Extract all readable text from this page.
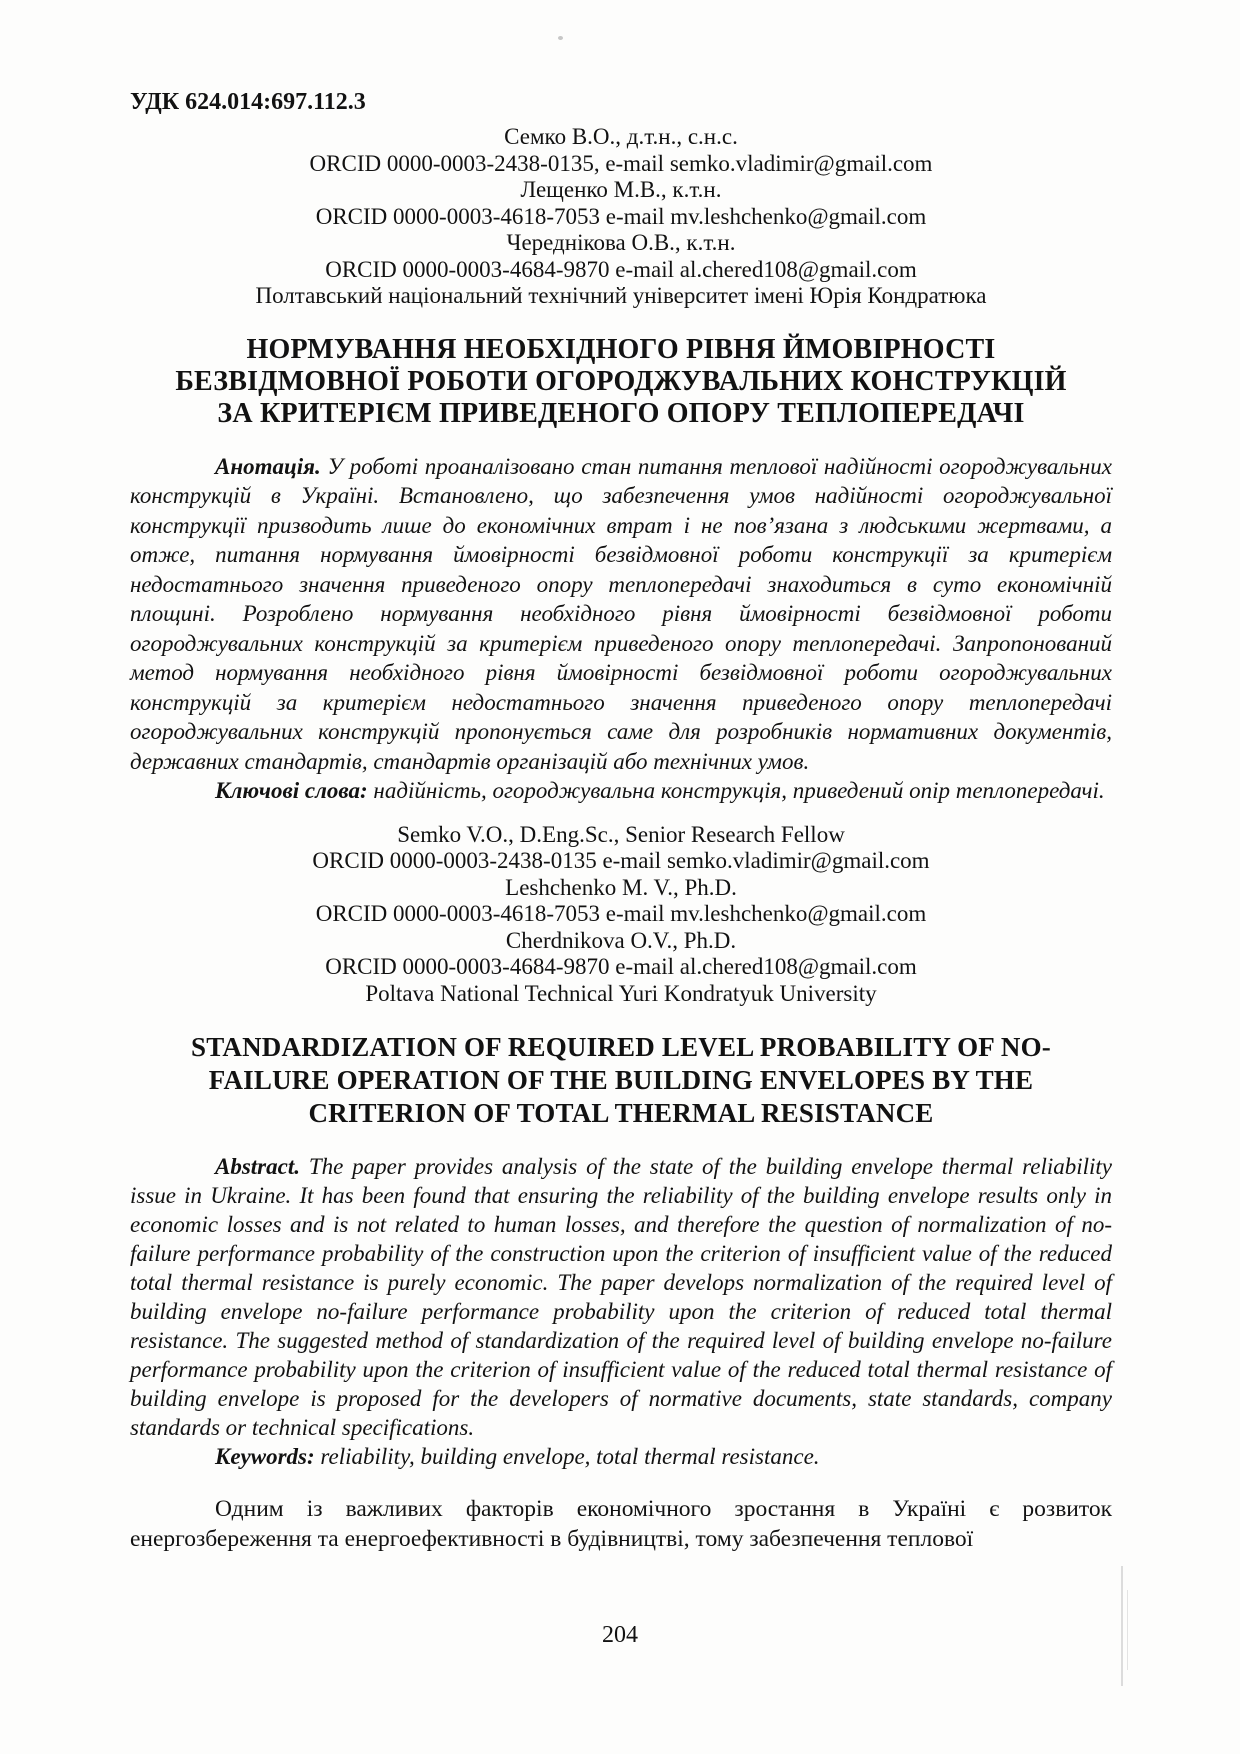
УДК 624.014:697.112.3
Семко В.О., д.т.н., с.н.с.
ORCID 0000-0003-2438-0135, e-mail semko.vladimir@gmail.com
Лещенко М.В., к.т.н.
ORCID 0000-0003-4618-7053 e-mail mv.leshchenko@gmail.com
Череднікова О.В., к.т.н.
ORCID 0000-0003-4684-9870 e-mail al.chered108@gmail.com
Полтавський національний технічний університет імені Юрія Кондратюка
НОРМУВАННЯ НЕОБХІДНОГО РІВНЯ ЙМОВІРНОСТІ
БЕЗВІДМОВНОЇ РОБОТИ ОГОРОДЖУВАЛЬНИХ КОНСТРУКЦІЙ
ЗА КРИТЕРІЄМ ПРИВЕДЕНОГО ОПОРУ ТЕПЛОПЕРЕДАЧІ

Анотація. У роботі проаналізовано стан питання теплової надійності огороджувальних конструкцій в Україні. Встановлено, що забезпечення умов надійності огороджувальної конструкції призводить лише до економічних втрат і не пов’язана з людськими жертвами, а отже, питання нормування ймовірності безвідмовної роботи конструкції за критерієм недостатнього значення приведеного опору теплопередачі знаходиться в суто економічній площині. Розроблено нормування необхідного рівня ймовірності безвідмовної роботи огороджувальних конструкцій за критерієм приведеного опору теплопередачі. Запропонований метод нормування необхідного рівня ймовірності безвідмовної роботи огороджувальних конструкцій за критерієм недостатнього значення приведеного опору теплопередачі огороджувальних конструкцій пропонується саме для розробників нормативних документів, державних стандартів, стандартів організацій або технічних умов.

Ключові слова: надійність, огороджувальна конструкція, приведений опір теплопередачі.

Semko V.O., D.Eng.Sc., Senior Research Fellow
ORCID 0000-0003-2438-0135 e-mail semko.vladimir@gmail.com
Leshchenko M. V., Ph.D.
ORCID 0000-0003-4618-7053 e-mail mv.leshchenko@gmail.com
Cherdnikova O.V., Ph.D.
ORCID 0000-0003-4684-9870 e-mail al.chered108@gmail.com
Poltava National Technical Yuri Kondratyuk University
STANDARDIZATION OF REQUIRED LEVEL PROBABILITY OF NO-
FAILURE OPERATION OF THE BUILDING ENVELOPES BY THE
CRITERION OF TOTAL THERMAL RESISTANCE

Abstract. The paper provides analysis of the state of the building envelope thermal reliability issue in Ukraine. It has been found that ensuring the reliability of the building envelope results only in economic losses and is not related to human losses, and therefore the question of normalization of no-failure performance probability of the construction upon the criterion of insufficient value of the reduced total thermal resistance is purely economic. The paper develops normalization of the required level of building envelope no-failure performance probability upon the criterion of reduced total thermal resistance. The suggested method of standardization of the required level of building envelope no-failure performance probability upon the criterion of insufficient value of the reduced total thermal resistance of building envelope is proposed for the developers of normative documents, state standards, company standards or technical specifications.

Keywords: reliability, building envelope, total thermal resistance.

Одним із важливих факторів економічного зростання в Україні є розвиток енергозбереження та енергоефективності в будівництві, тому забезпечення теплової

204
